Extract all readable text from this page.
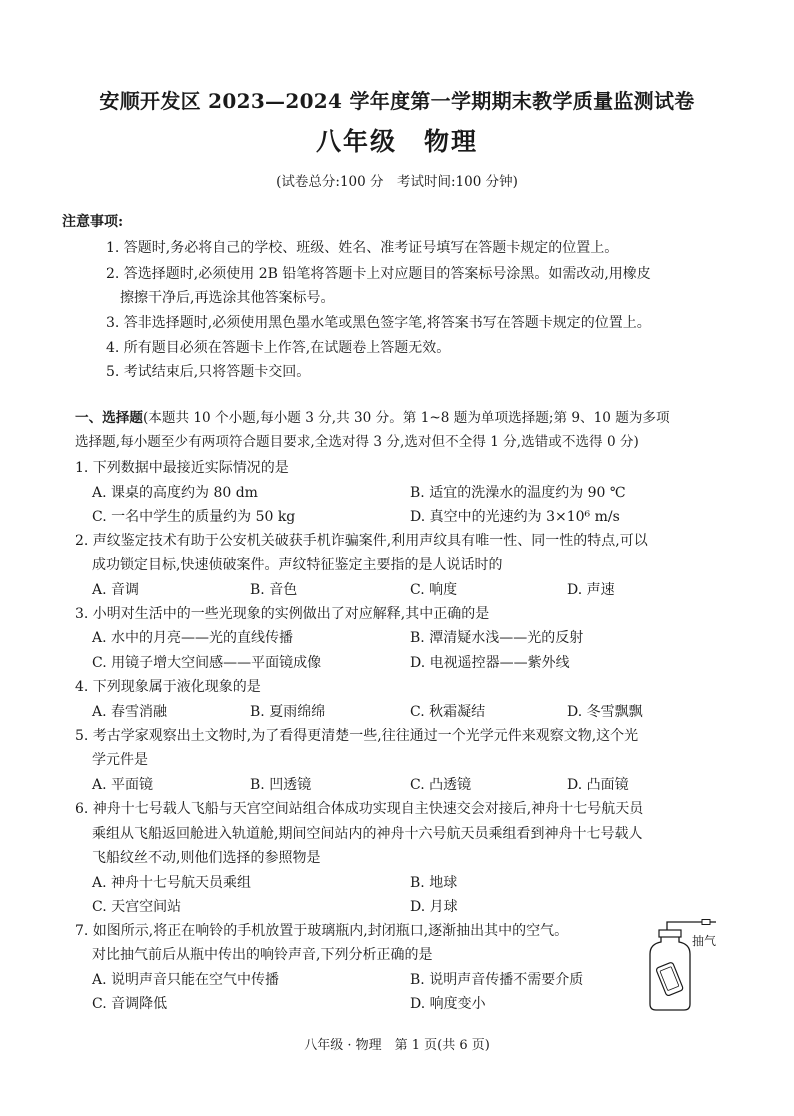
安顺开发区 2023—2024 学年度第一学期期末教学质量监测试卷
八年级　物理
(试卷总分:100 分　考试时间:100 分钟)
注意事项:
1. 答题时,务必将自己的学校、班级、姓名、准考证号填写在答题卡规定的位置上。
2. 答选择题时,必须使用 2B 铅笔将答题卡上对应题目的答案标号涂黑。如需改动,用橡皮
擦擦干净后,再选涂其他答案标号。
3. 答非选择题时,必须使用黑色墨水笔或黑色签字笔,将答案书写在答题卡规定的位置上。
4. 所有题目必须在答题卡上作答,在试题卷上答题无效。
5. 考试结束后,只将答题卡交回。
一、选择题(本题共 10 个小题,每小题 3 分,共 30 分。第 1~8 题为单项选择题;第 9、10 题为多项
选择题,每小题至少有两项符合题目要求,全选对得 3 分,选对但不全得 1 分,选错或不选得 0 分)
1. 下列数据中最接近实际情况的是
A. 课桌的高度约为 80 dm	B. 适宜的洗澡水的温度约为 90 ℃
C. 一名中学生的质量约为 50 kg	D. 真空中的光速约为 3×10⁶ m/s
2. 声纹鉴定技术有助于公安机关破获手机诈骗案件,利用声纹具有唯一性、同一性的特点,可以
成功锁定目标,快速侦破案件。声纹特征鉴定主要指的是人说话时的
A. 音调	B. 音色	C. 响度	D. 声速
3. 小明对生活中的一些光现象的实例做出了对应解释,其中正确的是
A. 水中的月亮——光的直线传播	B. 潭清疑水浅——光的反射
C. 用镜子增大空间感——平面镜成像	D. 电视遥控器——紫外线
4. 下列现象属于液化现象的是
A. 春雪消融	B. 夏雨绵绵	C. 秋霜凝结	D. 冬雪飘飘
5. 考古学家观察出土文物时,为了看得更清楚一些,往往通过一个光学元件来观察文物,这个光
学元件是
A. 平面镜	B. 凹透镜	C. 凸透镜	D. 凸面镜
6. 神舟十七号载人飞船与天宫空间站组合体成功实现自主快速交会对接后,神舟十七号航天员
乘组从飞船返回舱进入轨道舱,期间空间站内的神舟十六号航天员乘组看到神舟十七号载人
飞船纹丝不动,则他们选择的参照物是
A. 神舟十七号航天员乘组	B. 地球
C. 天宫空间站	D. 月球
7. 如图所示,将正在响铃的手机放置于玻璃瓶内,封闭瓶口,逐渐抽出其中的空气。
对比抽气前后从瓶中传出的响铃声音,下列分析正确的是
A. 说明声音只能在空气中传播	B. 说明声音传播不需要介质
C. 音调降低	D. 响度变小
抽气
八年级 · 物理　第 1 页(共 6 页)
